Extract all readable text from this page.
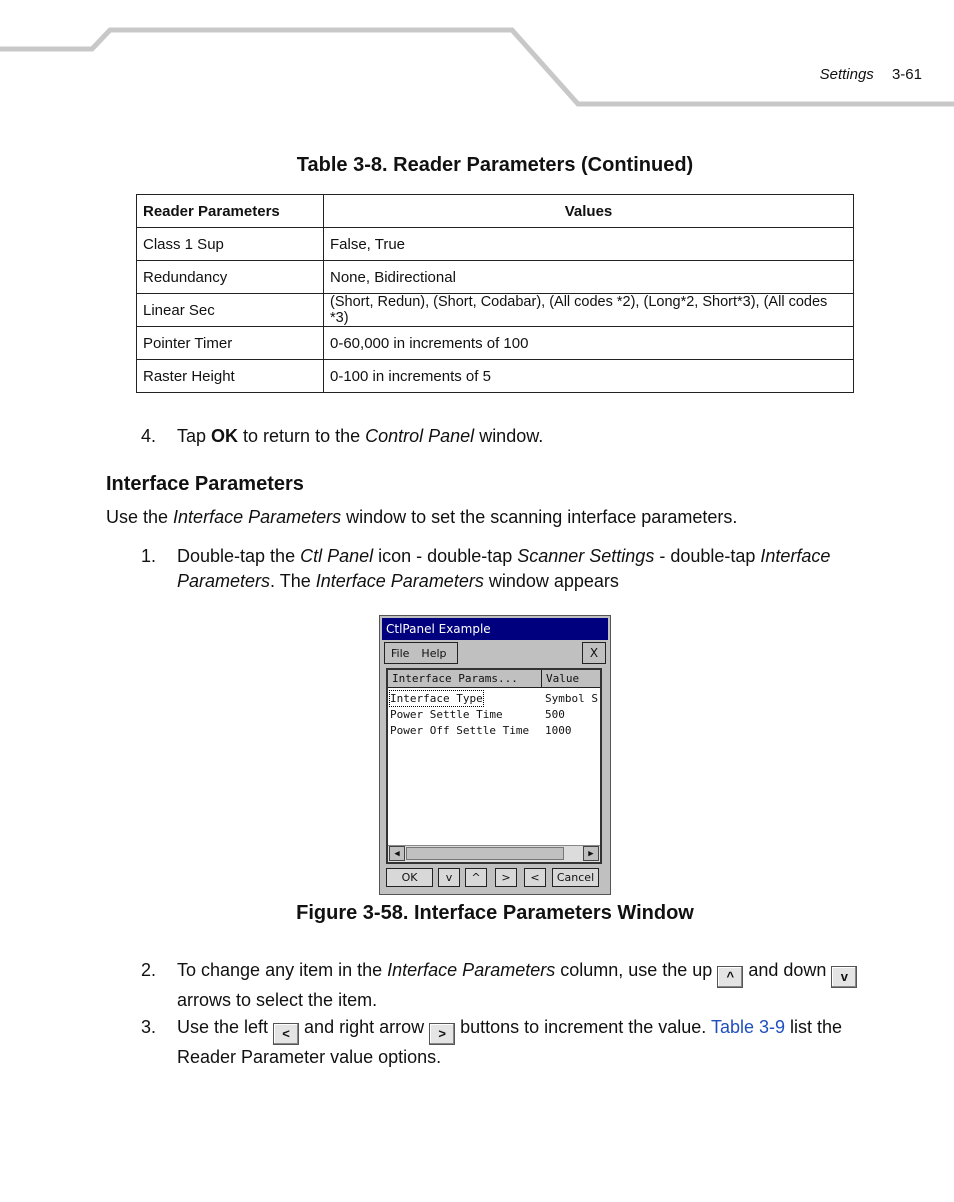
Settings 3-61
Table 3-8. Reader Parameters (Continued)
Reader Parameters	Values
Class 1 Sup	False, True
Redundancy	None, Bidirectional
Linear Sec	(Short, Redun), (Short, Codabar), (All codes *2), (Long*2, Short*3), (All codes *3)
Pointer Timer	0-60,000 in increments of 100
Raster Height	0-100 in increments of 5
4. Tap OK to return to the Control Panel window.
Interface Parameters
Use the Interface Parameters window to set the scanning interface parameters.
1. Double-tap the Ctl Panel icon - double-tap Scanner Settings - double-tap Interface Parameters. The Interface Parameters window appears
CtlPanel Example
File	Help	X
Interface Params...	Value
Interface Type	Symbol S
Power Settle Time	500
Power Off Settle Time 1000
◀	▶
OK	v	^	>	<	Cancel
Figure 3-58. Interface Parameters Window
2. To change any item in the Interface Parameters column, use the up ^ and down v
arrows to select the item.
3. Use the left < and right arrow > buttons to increment the value. Table 3-9 list the
Reader Parameter value options.
